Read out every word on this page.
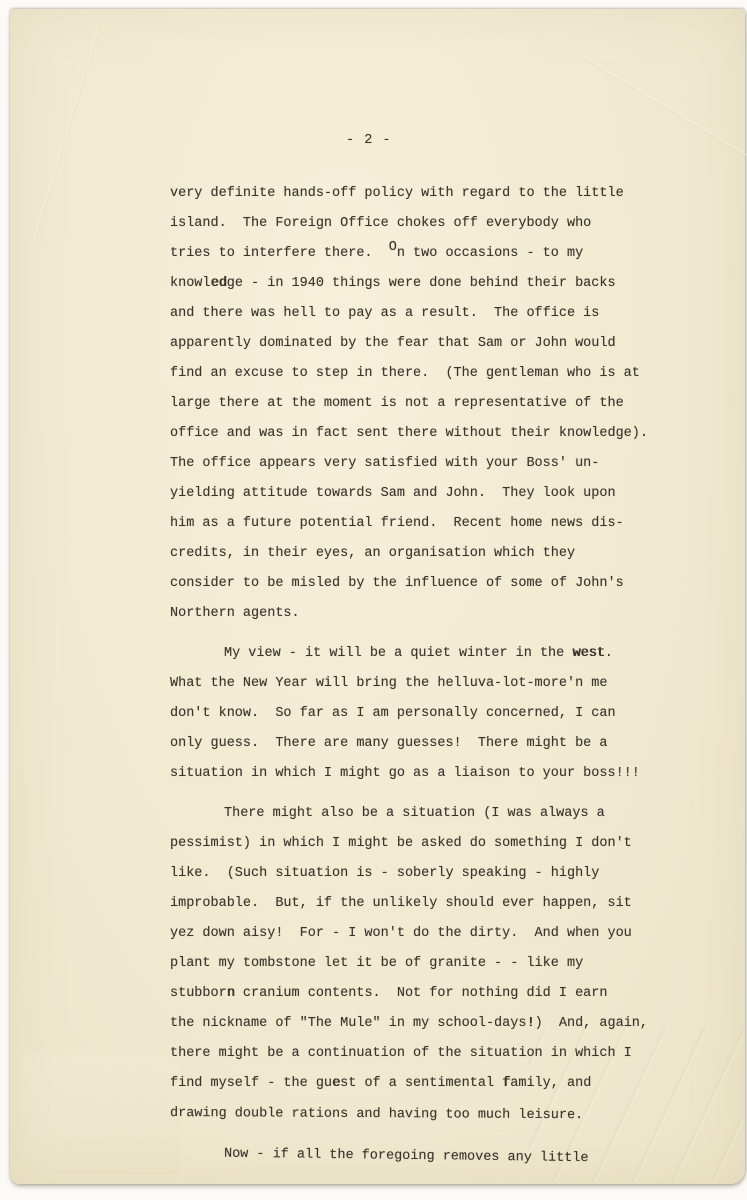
- 2 -
very definite hands-off policy with regard to the little
island.  The Foreign Office chokes off everybody who
tries to interfere there.  On two occasions - to my
knowledge - in 1940 things were done behind their backs
and there was hell to pay as a result.  The office is
apparently dominated by the fear that Sam or John would
find an excuse to step in there.  (The gentleman who is at
large there at the moment is not a representative of the
office and was in fact sent there without their knowledge).
The office appears very satisfied with your Boss' un-
yielding attitude towards Sam and John.  They look upon
him as a future potential friend.  Recent home news dis-
credits, in their eyes, an organisation which they
consider to be misled by the influence of some of John's
Northern agents.
My view - it will be a quiet winter in the west.
What the New Year will bring the helluva-lot-more'n me
don't know.  So far as I am personally concerned, I can
only guess.  There are many guesses!  There might be a
situation in which I might go as a liaison to your boss!!!
There might also be a situation (I was always a
pessimist) in which I might be asked do something I don't
like.  (Such situation is - soberly speaking - highly
improbable.  But, if the unlikely should ever happen, sit
yez down aisy!  For - I won't do the dirty.  And when you
plant my tombstone let it be of granite - - like my
stubborn cranium contents.  Not for nothing did I earn
the nickname of "The Mule" in my school-days!)  And, again,
there might be a continuation of the situation in which I
find myself - the guest of a sentimental family, and
drawing double rations and having too much leisure.
Now - if all the foregoing removes any little
